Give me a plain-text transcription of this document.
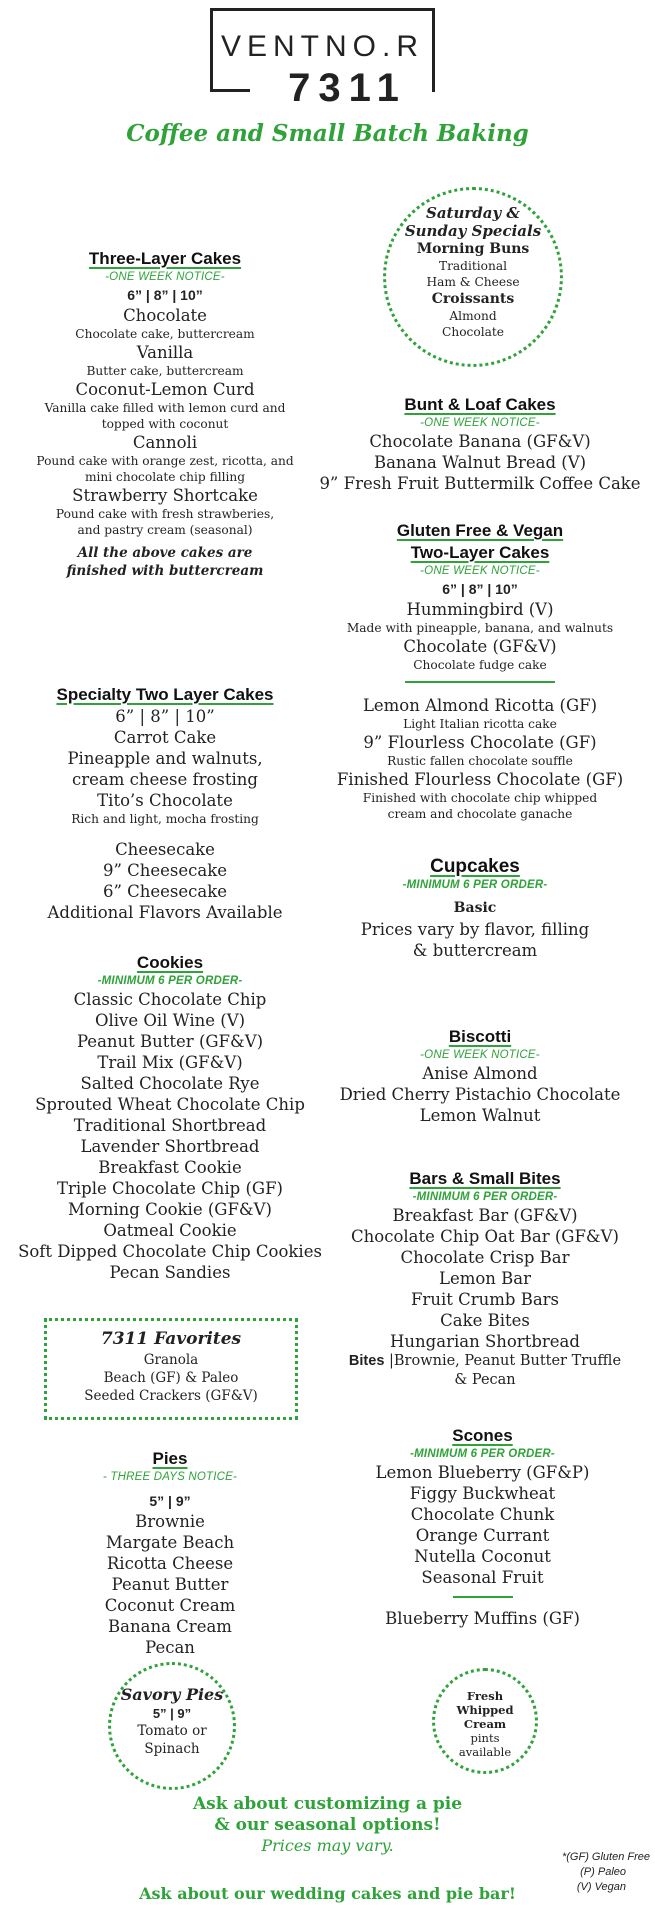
VENTNO.R
7311
Coffee and Small Batch Baking
Saturday &
Sunday Specials
Morning Buns
Traditional
Ham & Cheese
Croissants
Almond
Chocolate
Three-Layer Cakes
-ONE WEEK NOTICE-
6” | 8” | 10”
Chocolate
Chocolate cake, buttercream
Vanilla
Butter cake, buttercream
Coconut-Lemon Curd
Vanilla cake filled with lemon curd and topped with coconut
Cannoli
Pound cake with orange zest, ricotta, and mini chocolate chip filling
Strawberry Shortcake
Pound cake with fresh strawberies, and pastry cream (seasonal)
All the above cakes are
finished with buttercream
Bunt & Loaf Cakes
-ONE WEEK NOTICE-
Chocolate Banana (GF&V)
Banana Walnut Bread (V)
9” Fresh Fruit Buttermilk Coffee Cake
Gluten Free & Vegan
Two-Layer Cakes
-ONE WEEK NOTICE-
6” | 8” | 10”
Hummingbird (V)
Made with pineapple, banana, and walnuts
Chocolate (GF&V)
Chocolate fudge cake
Lemon Almond Ricotta (GF)
Light Italian ricotta cake
9” Flourless Chocolate (GF)
Rustic fallen chocolate souffle
Finished Flourless Chocolate (GF)
Finished with chocolate chip whipped cream and chocolate ganache
Specialty Two Layer Cakes
6” | 8” | 10”
Carrot Cake
Pineapple and walnuts,
cream cheese frosting
Tito’s Chocolate
Rich and light, mocha frosting
Cheesecake
9” Cheesecake
6” Cheesecake
Additional Flavors Available
Cupcakes
-MINIMUM 6 PER ORDER-
Basic
Prices vary by flavor, filling
& buttercream
Cookies
-MINIMUM 6 PER ORDER-
Classic Chocolate Chip
Olive Oil Wine (V)
Peanut Butter (GF&V)
Trail Mix (GF&V)
Salted Chocolate Rye
Sprouted Wheat Chocolate Chip
Traditional Shortbread
Lavender Shortbread
Breakfast Cookie
Triple Chocolate Chip (GF)
Morning Cookie (GF&V)
Oatmeal Cookie
Soft Dipped Chocolate Chip Cookies
Pecan Sandies
Biscotti
-ONE WEEK NOTICE-
Anise Almond
Dried Cherry Pistachio Chocolate
Lemon Walnut
Bars & Small Bites
-MINIMUM 6 PER ORDER-
Breakfast Bar (GF&V)
Chocolate Chip Oat Bar (GF&V)
Chocolate Crisp Bar
Lemon Bar
Fruit Crumb Bars
Cake Bites
Hungarian Shortbread
Bites |Brownie, Peanut Butter Truffle
& Pecan
7311 Favorites
Granola
Beach (GF) & Paleo
Seeded Crackers (GF&V)
Scones
-MINIMUM 6 PER ORDER-
Lemon Blueberry (GF&P)
Figgy Buckwheat
Chocolate Chunk
Orange Currant
Nutella Coconut
Seasonal Fruit
Blueberry Muffins (GF)
Pies
- THREE DAYS NOTICE-
5” | 9”
Brownie
Margate Beach
Ricotta Cheese
Peanut Butter
Coconut Cream
Banana Cream
Pecan
Savory Pies
5” | 9”
Tomato or
Spinach
Fresh
Whipped Cream
pints
available
Ask about customizing a pie
& our seasonal options!
Prices may vary.
*(GF) Gluten Free
(P) Paleo
(V) Vegan
Ask about our wedding cakes and pie bar!
